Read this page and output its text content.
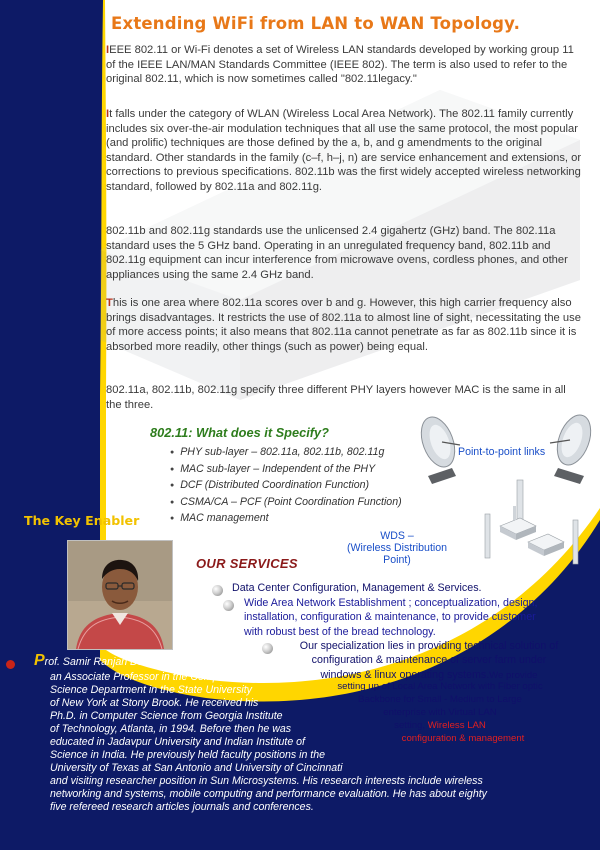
Extending WiFi from LAN to WAN Topology.

IEEE 802.11 or Wi-Fi denotes a set of Wireless LAN standards developed by working group 11 of the IEEE LAN/MAN Standards Committee (IEEE 802). The term is also used to refer to the original 802.11, which is now sometimes called "802.11legacy."

It falls under the category of WLAN (Wireless Local Area Network). The 802.11 family currently includes six over-the-air modulation techniques that all use the same protocol, the most popular (and prolific) techniques are those defined by the a, b, and g amendments to the original standard. Other standards in the family (c–f, h–j, n) are service enhancement and extensions, or corrections to previous specifications. 802.11b was the first widely accepted wireless networking standard, followed by 802.11a and 802.11g.

802.11b and 802.11g standards use the unlicensed 2.4 gigahertz (GHz) band. The 802.11a standard uses the 5 GHz band. Operating in an unregulated frequency band, 802.11b and 802.11g equipment can incur interference from microwave ovens, cordless phones, and other appliances using the same 2.4 GHz band.

This is one area where 802.11a scores over b and g. However, this high carrier frequency also brings disadvantages. It restricts the use of 802.11a to almost line of sight, necessitating the use of more access points; it also means that 802.11a cannot penetrate as far as 802.11b since it is absorbed more readily, other things (such as power) being equal.

802.11a, 802.11b, 802.11g specify three different PHY layers however MAC is the same in all the three.

802.11: What does it Specify?
● PHY sub-layer – 802.11a, 802.11b, 802.11g
● MAC sub-layer – Independent of the PHY
● DCF (Distributed Coordination Function)
● CSMA/CA – PCF (Point Coordination Function)
● MAC management

Point-to-point links

WDS –
(Wireless Distribution Point)

The Key Enabler
OUR SERVICES

Data Center Configuration, Management & Services.

Wide Area Network Establishment ; conceptualization, design,
installation, configuration & maintenance, to provide customer
with robust best of the bread technology.

Our specialization lies in providing technical solution of
configuration & maintenance of server farm under
windows & linux operating systems.We provide

setting up of Local Area Network with Fiber optic
Backbone for Small - Medium to Large
enterprise with Virtual LAN
setting, Wireless LAN
configuration & management

Prof. Samir Ranjan Das is currently

an Associate Professor in the Computer

Science Department in the State University

of New York at Stony Brook. He received his

Ph.D. in Computer Science from Georgia Institute

of Technology, Atlanta, in 1994. Before then he was

educated in Jadavpur University and Indian Institute of

Science in India. He previously held faculty positions in the

University of Texas at San Antonio and University of Cincinnati

and visiting researcher position in Sun Microsystems. His research interests include wireless

networking and systems, mobile computing and performance evaluation. He has about eighty

five refereed research articles journals and conferences.
